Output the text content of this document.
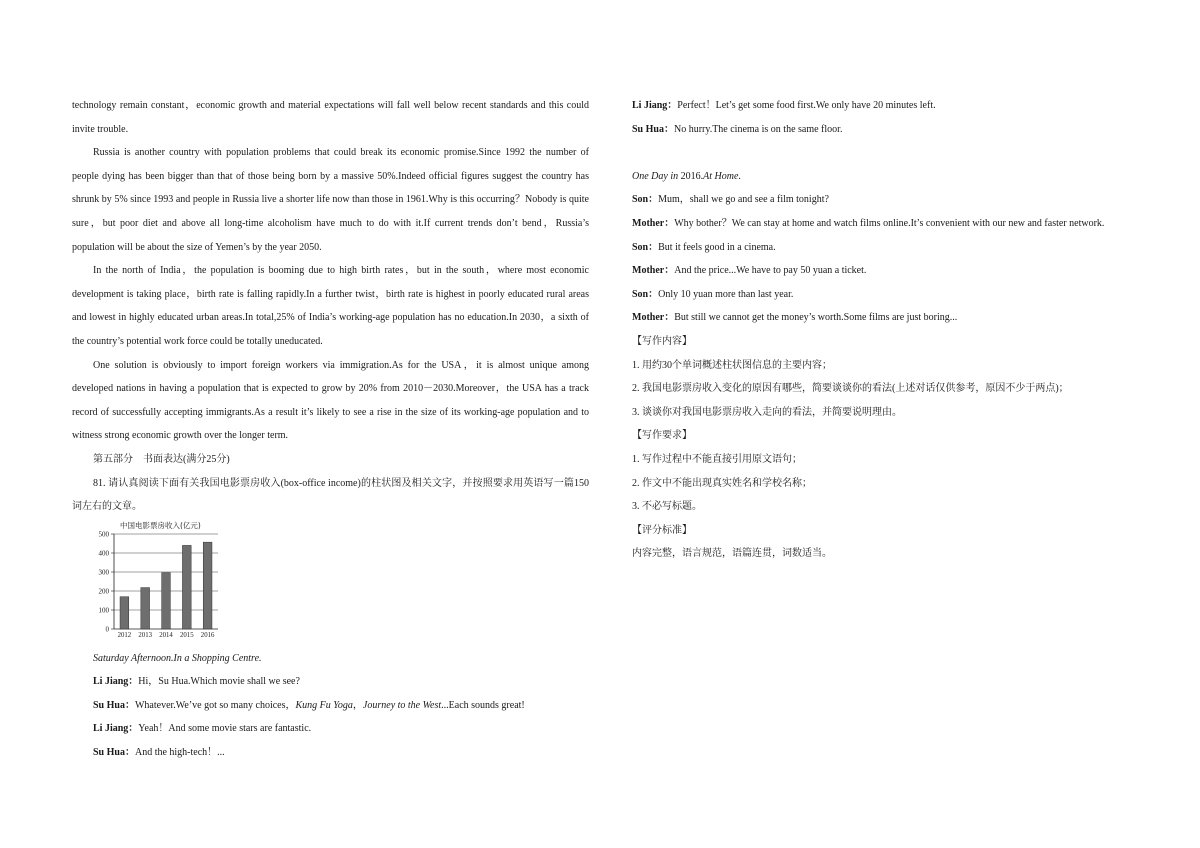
technology remain constant，economic growth and material expectations will fall well below recent standards and this could invite trouble.

Russia is another country with population problems that could break its economic promise.Since 1992 the number of people dying has been bigger than that of those being born by a massive 50%.Indeed official figures suggest the country has shrunk by 5% since 1993 and people in Russia live a shorter life now than those in 1961.Why is this occurring？Nobody is quite sure，but poor diet and above all long-time alcoholism have much to do with it.If current trends don’t bend，Russia’s population will be about the size of Yemen’s by the year 2050.

In the north of India，the population is booming due to high birth rates，but in the south，where most economic development is taking place，birth rate is falling rapidly.In a further twist，birth rate is highest in poorly educated rural areas and lowest in highly educated urban areas.In total,25% of India’s working-age population has no education.In 2030，a sixth of the country’s potential work force could be totally uneducated.

One solution is obviously to import foreign workers via immigration.As for the USA，it is almost unique among developed nations in having a population that is expected to grow by 20% from 2010－2030.Moreover，the USA has a track record of successfully accepting immigrants.As a result it’s likely to see a rise in the size of its working-age population and to witness strong economic growth over the longer term.

第五部分　书面表达(满分25分)

81. 请认真阅读下面有关我国电影票房收入(box-office income)的柱状图及相关文字，并按照要求用英语写一篇150词左右的文章。

中国电影票房收入(亿元)
0
100
200
300
400
500
2012 2013 2014 2015 2016

Saturday Afternoon.In a Shopping Centre.

Li Jiang：Hi，Su Hua.Which movie shall we see?

Su Hua：Whatever.We’ve got so many choices，Kung Fu Yoga，Journey to the West...Each sounds great!

Li Jiang：Yeah！And some movie stars are fantastic.

Su Hua：And the high-tech！...

Li Jiang：Perfect！Let’s get some food first.We only have 20 minutes left.

Su Hua：No hurry.The cinema is on the same floor.

One Day in 2016.At Home.

Son：Mum，shall we go and see a film tonight?

Mother：Why bother？We can stay at home and watch films online.It’s convenient with our new and faster network.

Son：But it feels good in a cinema.

Mother：And the price...We have to pay 50 yuan a ticket.

Son：Only 10 yuan more than last year.

Mother：But still we cannot get the money’s worth.Some films are just boring...

【写作内容】

1. 用约30个单词概述柱状图信息的主要内容；

2. 我国电影票房收入变化的原因有哪些，简要谈谈你的看法(上述对话仅供参考，原因不少于两点)；

3. 谈谈你对我国电影票房收入走向的看法，并简要说明理由。

【写作要求】

1. 写作过程中不能直接引用原文语句；

2. 作文中不能出现真实姓名和学校名称；

3. 不必写标题。

【评分标准】

内容完整，语言规范，语篇连贯，词数适当。
